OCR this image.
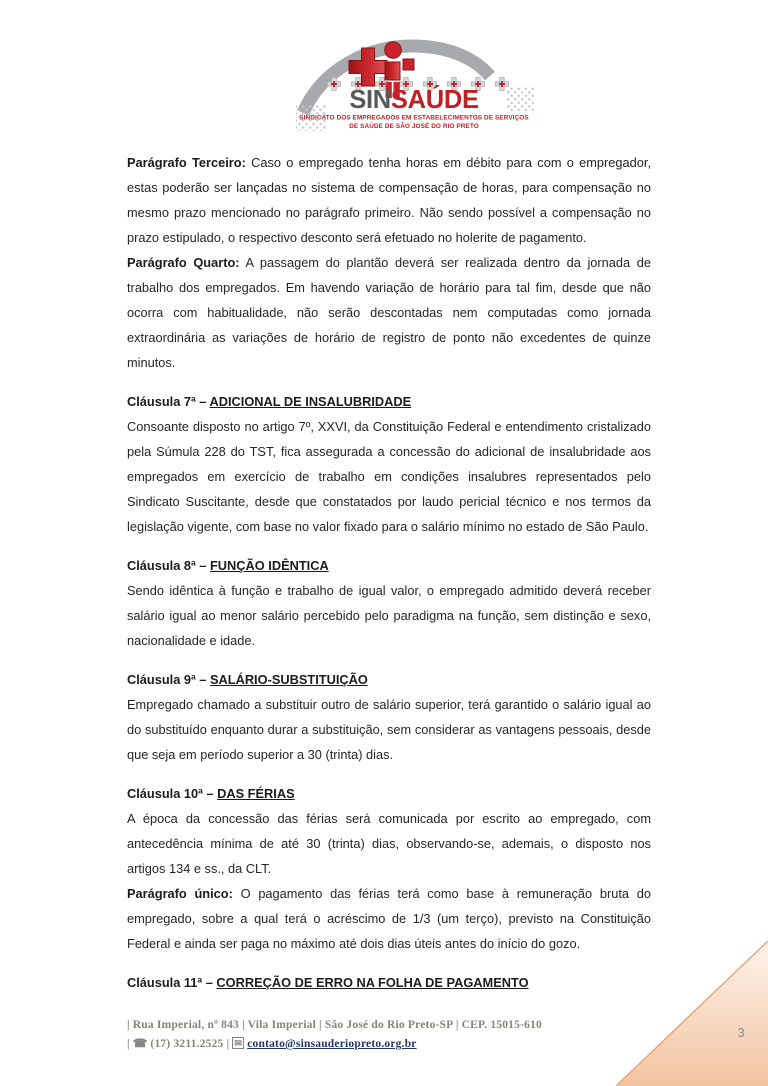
SINSAÚDE
SINDICATO DOS EMPREGADOS EM ESTABELECIMENTOS DE SERVIÇOS
DE SAÚDE DE SÃO JOSÉ DO RIO PRETO

Parágrafo Terceiro: Caso o empregado tenha horas em débito para com o empregador, estas poderão ser lançadas no sistema de compensação de horas, para compensação no mesmo prazo mencionado no parágrafo primeiro. Não sendo possível a compensação no prazo estipulado, o respectivo desconto será efetuado no holerite de pagamento.

Parágrafo Quarto: A passagem do plantão deverá ser realizada dentro da jornada de trabalho dos empregados. Em havendo variação de horário para tal fim, desde que não ocorra com habitualidade, não serão descontadas nem computadas como jornada extraordinária as variações de horário de registro de ponto não excedentes de quinze minutos.

Cláusula 7ª – ADICIONAL DE INSALUBRIDADE

Consoante disposto no artigo 7º, XXVI, da Constituição Federal e entendimento cristalizado pela Súmula 228 do TST, fica assegurada a concessão do adicional de insalubridade aos empregados em exercício de trabalho em condições insalubres representados pelo Sindicato Suscitante, desde que constatados por laudo pericial técnico e nos termos da legislação vigente, com base no valor fixado para o salário mínimo no estado de São Paulo.

Cláusula 8ª – FUNÇÃO IDÊNTICA

Sendo idêntica à função e trabalho de igual valor, o empregado admitido deverá receber salário igual ao menor salário percebido pelo paradigma na função, sem distinção e sexo, nacionalidade e idade.

Cláusula 9ª – SALÁRIO-SUBSTITUIÇÃO

Empregado chamado a substituir outro de salário superior, terá garantido o salário igual ao do substituído enquanto durar a substituição, sem considerar as vantagens pessoais, desde que seja em período superior a 30 (trinta) dias.

Cláusula 10ª – DAS FÉRIAS

A época da concessão das férias será comunicada por escrito ao empregado, com antecedência mínima de até 30 (trinta) dias, observando-se, ademais, o disposto nos artigos 134 e ss., da CLT.

Parágrafo único: O pagamento das férias terá como base à remuneração bruta do empregado, sobre a qual terá o acréscimo de 1/3 (um terço), previsto na Constituição Federal e ainda ser paga no máximo até dois dias úteis antes do início do gozo.

Cláusula 11ª – CORREÇÃO DE ERRO NA FOLHA DE PAGAMENTO

| Rua Imperial, nº 843 | Vila Imperial | São José do Rio Preto-SP | CEP. 15015-610
| ☎ (17) 3211.2525 | ✉ contato@sinsauderiopreto.org.br
3
